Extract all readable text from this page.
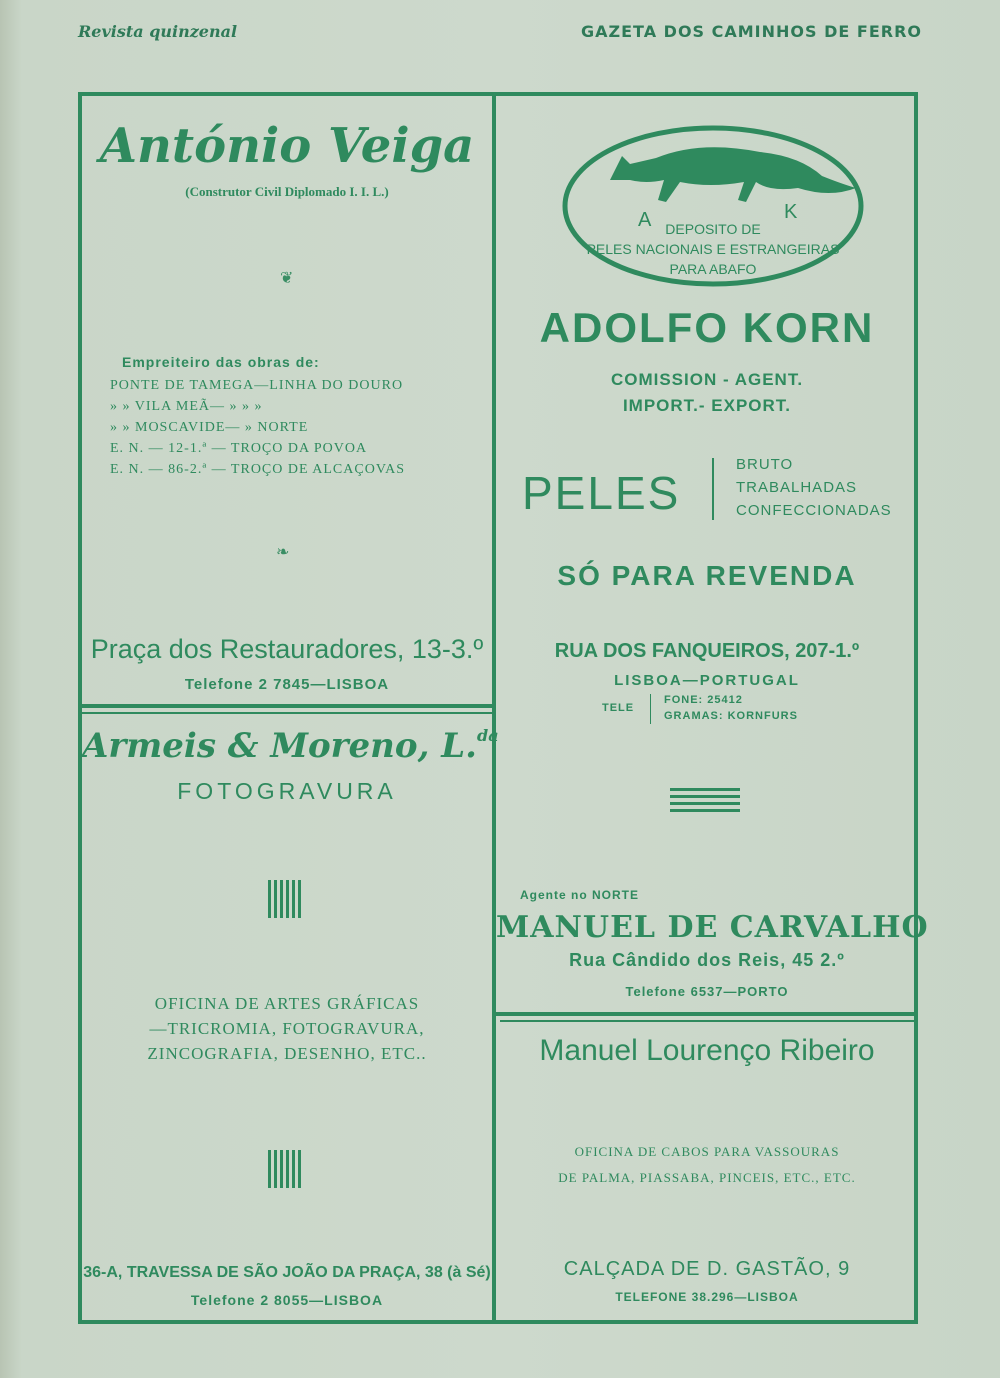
Revista quinzenal	GAZETA DOS CAMINHOS DE FERRO
António Veiga
(Construtor Civil Diplomado I. I. L.)
❦
Empreiteiro das obras de:
PONTE DE TAMEGA—LINHA DO DOURO
» » VILA MEÃ— » » »
» » MOSCAVIDE— » NORTE
E. N. — 12-1.ª — TROÇO DA POVOA
E. N. — 86-2.ª — TROÇO DE ALCAÇOVAS
❧
Praça dos Restauradores, 13-3.º
Telefone 2 7845—LISBOA
Armeis & Moreno, L.$^{da}$
FOTOGRAVURA
OFICINA DE ARTES GRÁFICAS
—TRICROMIA, FOTOGRAVURA,
ZINCOGRAFIA, DESENHO, ETC..
36-A, TRAVESSA DE SÃO JOÃO DA PRAÇA, 38 (à Sé)
Telefone 2 8055—LISBOA
A	K
DEPOSITO DE
PELES NACIONAIS E ESTRANGEIRAS
PARA ABAFO
ADOLFO KORN
COMISSION - AGENT.
IMPORT.- EXPORT.
PELES
BRUTO
TRABALHADAS
CONFECCIONADAS
SÓ PARA REVENDA
RUA DOS FANQUEIROS, 207-1.º
LISBOA—PORTUGAL
TELE
FONE: 25412
GRAMAS: KORNFURS
Agente no NORTE
MANUEL DE CARVALHO
Rua Cândido dos Reis, 45 2.º
Telefone 6537—PORTO
Manuel Lourenço Ribeiro
OFICINA DE CABOS PARA VASSOURAS
DE PALMA, PIASSABA, PINCEIS, ETC., ETC.
CALÇADA DE D. GASTÃO, 9
TELEFONE 38.296—LISBOA
